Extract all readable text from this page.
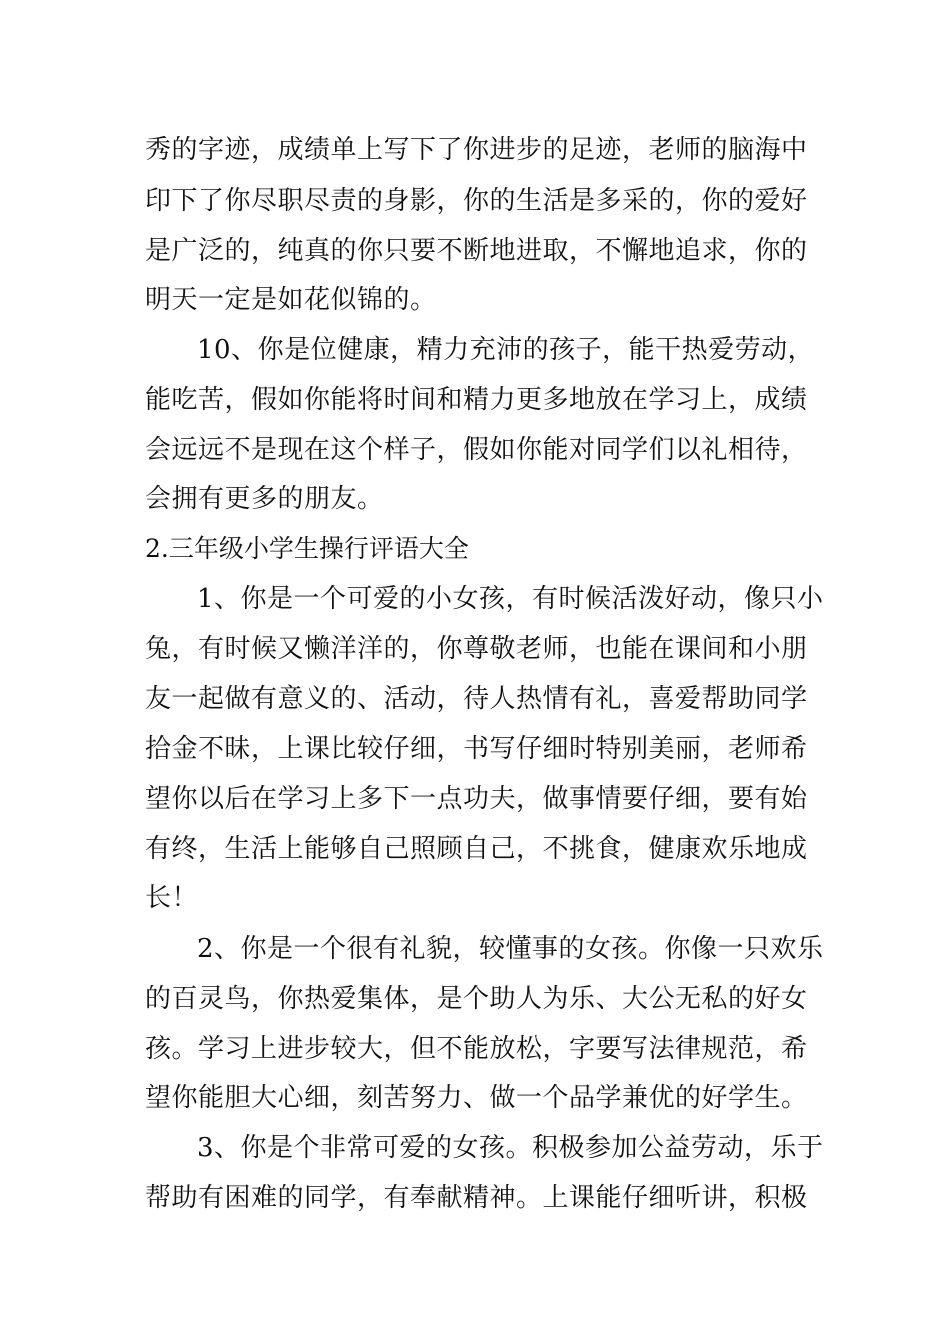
秀的字迹，成绩单上写下了你进步的足迹，老师的脑海中
印下了你尽职尽责的身影，你的生活是多采的，你的爱好
是广泛的，纯真的你只要不断地进取，不懈地追求，你的
明天一定是如花似锦的。
10、你是位健康，精力充沛的孩子，能干热爱劳动，
能吃苦，假如你能将时间和精力更多地放在学习上，成绩
会远远不是现在这个样子，假如你能对同学们以礼相待，
会拥有更多的朋友。
2.三年级小学生操行评语大全
1、你是一个可爱的小女孩，有时候活泼好动，像只小
兔，有时候又懒洋洋的，你尊敬老师，也能在课间和小朋
友一起做有意义的、活动，待人热情有礼，喜爱帮助同学
拾金不昧，上课比较仔细，书写仔细时特别美丽，老师希
望你以后在学习上多下一点功夫，做事情要仔细，要有始
有终，生活上能够自己照顾自己，不挑食，健康欢乐地成
长！
2、你是一个很有礼貌，较懂事的女孩。你像一只欢乐
的百灵鸟，你热爱集体，是个助人为乐、大公无私的好女
孩。学习上进步较大，但不能放松，字要写法律规范，希
望你能胆大心细，刻苦努力、做一个品学兼优的好学生。
3、你是个非常可爱的女孩。积极参加公益劳动，乐于
帮助有困难的同学，有奉献精神。上课能仔细听讲，积极
